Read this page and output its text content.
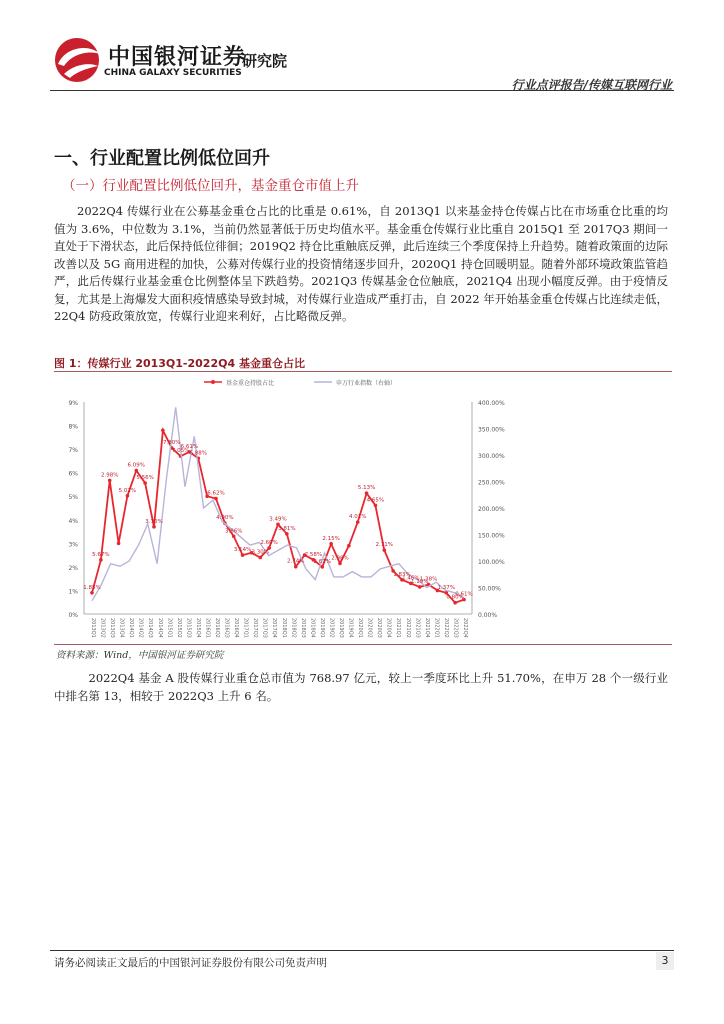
中国银河证券
CHINA GALAXY SECURITIES
研究院
行业点评报告/传媒互联网行业
一、行业配置比例低位回升
（一）行业配置比例低位回升，基金重仓市值上升
2022Q4 传媒行业在公募基金重仓占比的比重是 0.61%，自 2013Q1 以来基金持仓传媒占比在市场重仓比重的均值为 3.6%，中位数为 3.1%，当前仍然显著低于历史均值水平。基金重仓传媒行业比重自 2015Q1 至 2017Q3 期间一直处于下滑状态，此后保持低位徘徊；2019Q2 持仓比重触底反弹，此后连续三个季度保持上升趋势。随着政策面的边际改善以及 5G 商用进程的加快，公募对传媒行业的投资情绪逐步回升，2020Q1 持仓回暖明显。随着外部环境政策监管趋严，此后传媒行业基金重仓比例整体呈下跌趋势。2021Q3 传媒基金仓位触底，2021Q4 出现小幅度反弹。由于疫情反复，尤其是上海爆发大面积疫情感染导致封城，对传媒行业造成严重打击，自 2022 年开始基金重仓传媒占比连续走低，22Q4 防疫政策放宽，传媒行业迎来利好，占比略微反弹。
图 1：传媒行业 2013Q1-2022Q4 基金重仓占比
0%
1%
2%
3%
4%
5%
6%
7%
8%
9%
0.00%
50.00%
100.00%
150.00%
200.00%
250.00%
300.00%
350.00%
400.00%
2013Q1 2013Q2 2013Q3 2013Q4 2014Q1 2014Q2 2014Q3 2014Q4 2015Q1 2015Q2 2015Q3 2015Q4 2016Q1 2016Q2 2016Q3 2016Q4 2017Q1 2017Q2 2017Q3 2017Q4 2018Q1 2018Q2 2018Q3 2018Q4 2019Q1 2019Q2 2019Q3 2019Q4 2020Q1 2020Q2 2020Q3 2020Q4 2021Q1 2021Q2 2021Q3 2021Q4 2022Q1 2022Q2 2022Q3 2022Q4
基金重仓持股占比	申万行业指数（右轴）
1.85%
5.67%
2.98%
5.02%
6.09%
5.56%
3.70%
7.80%
7.05%
6.61%
6.88%
6.62%
4.90%
3.86%
3.14% 3.30%
2.60%
3.49%
3.81%
2.74%
2.58%
2.61%
2.15%
2.98%
4.01%
5.13%
4.65%
2.71%
1.83%
1.46%
1.19%
1.38%
1.37%
0.80%
0.61%
资料来源：Wind，中国银河证券研究院
2022Q4 基金 A 股传媒行业重仓总市值为 768.97 亿元，较上一季度环比上升 51.70%，在申万 28 个一级行业中排名第 13，相较于 2022Q3 上升 6 名。
请务必阅读正文最后的中国银河证券股份有限公司免责声明	3
